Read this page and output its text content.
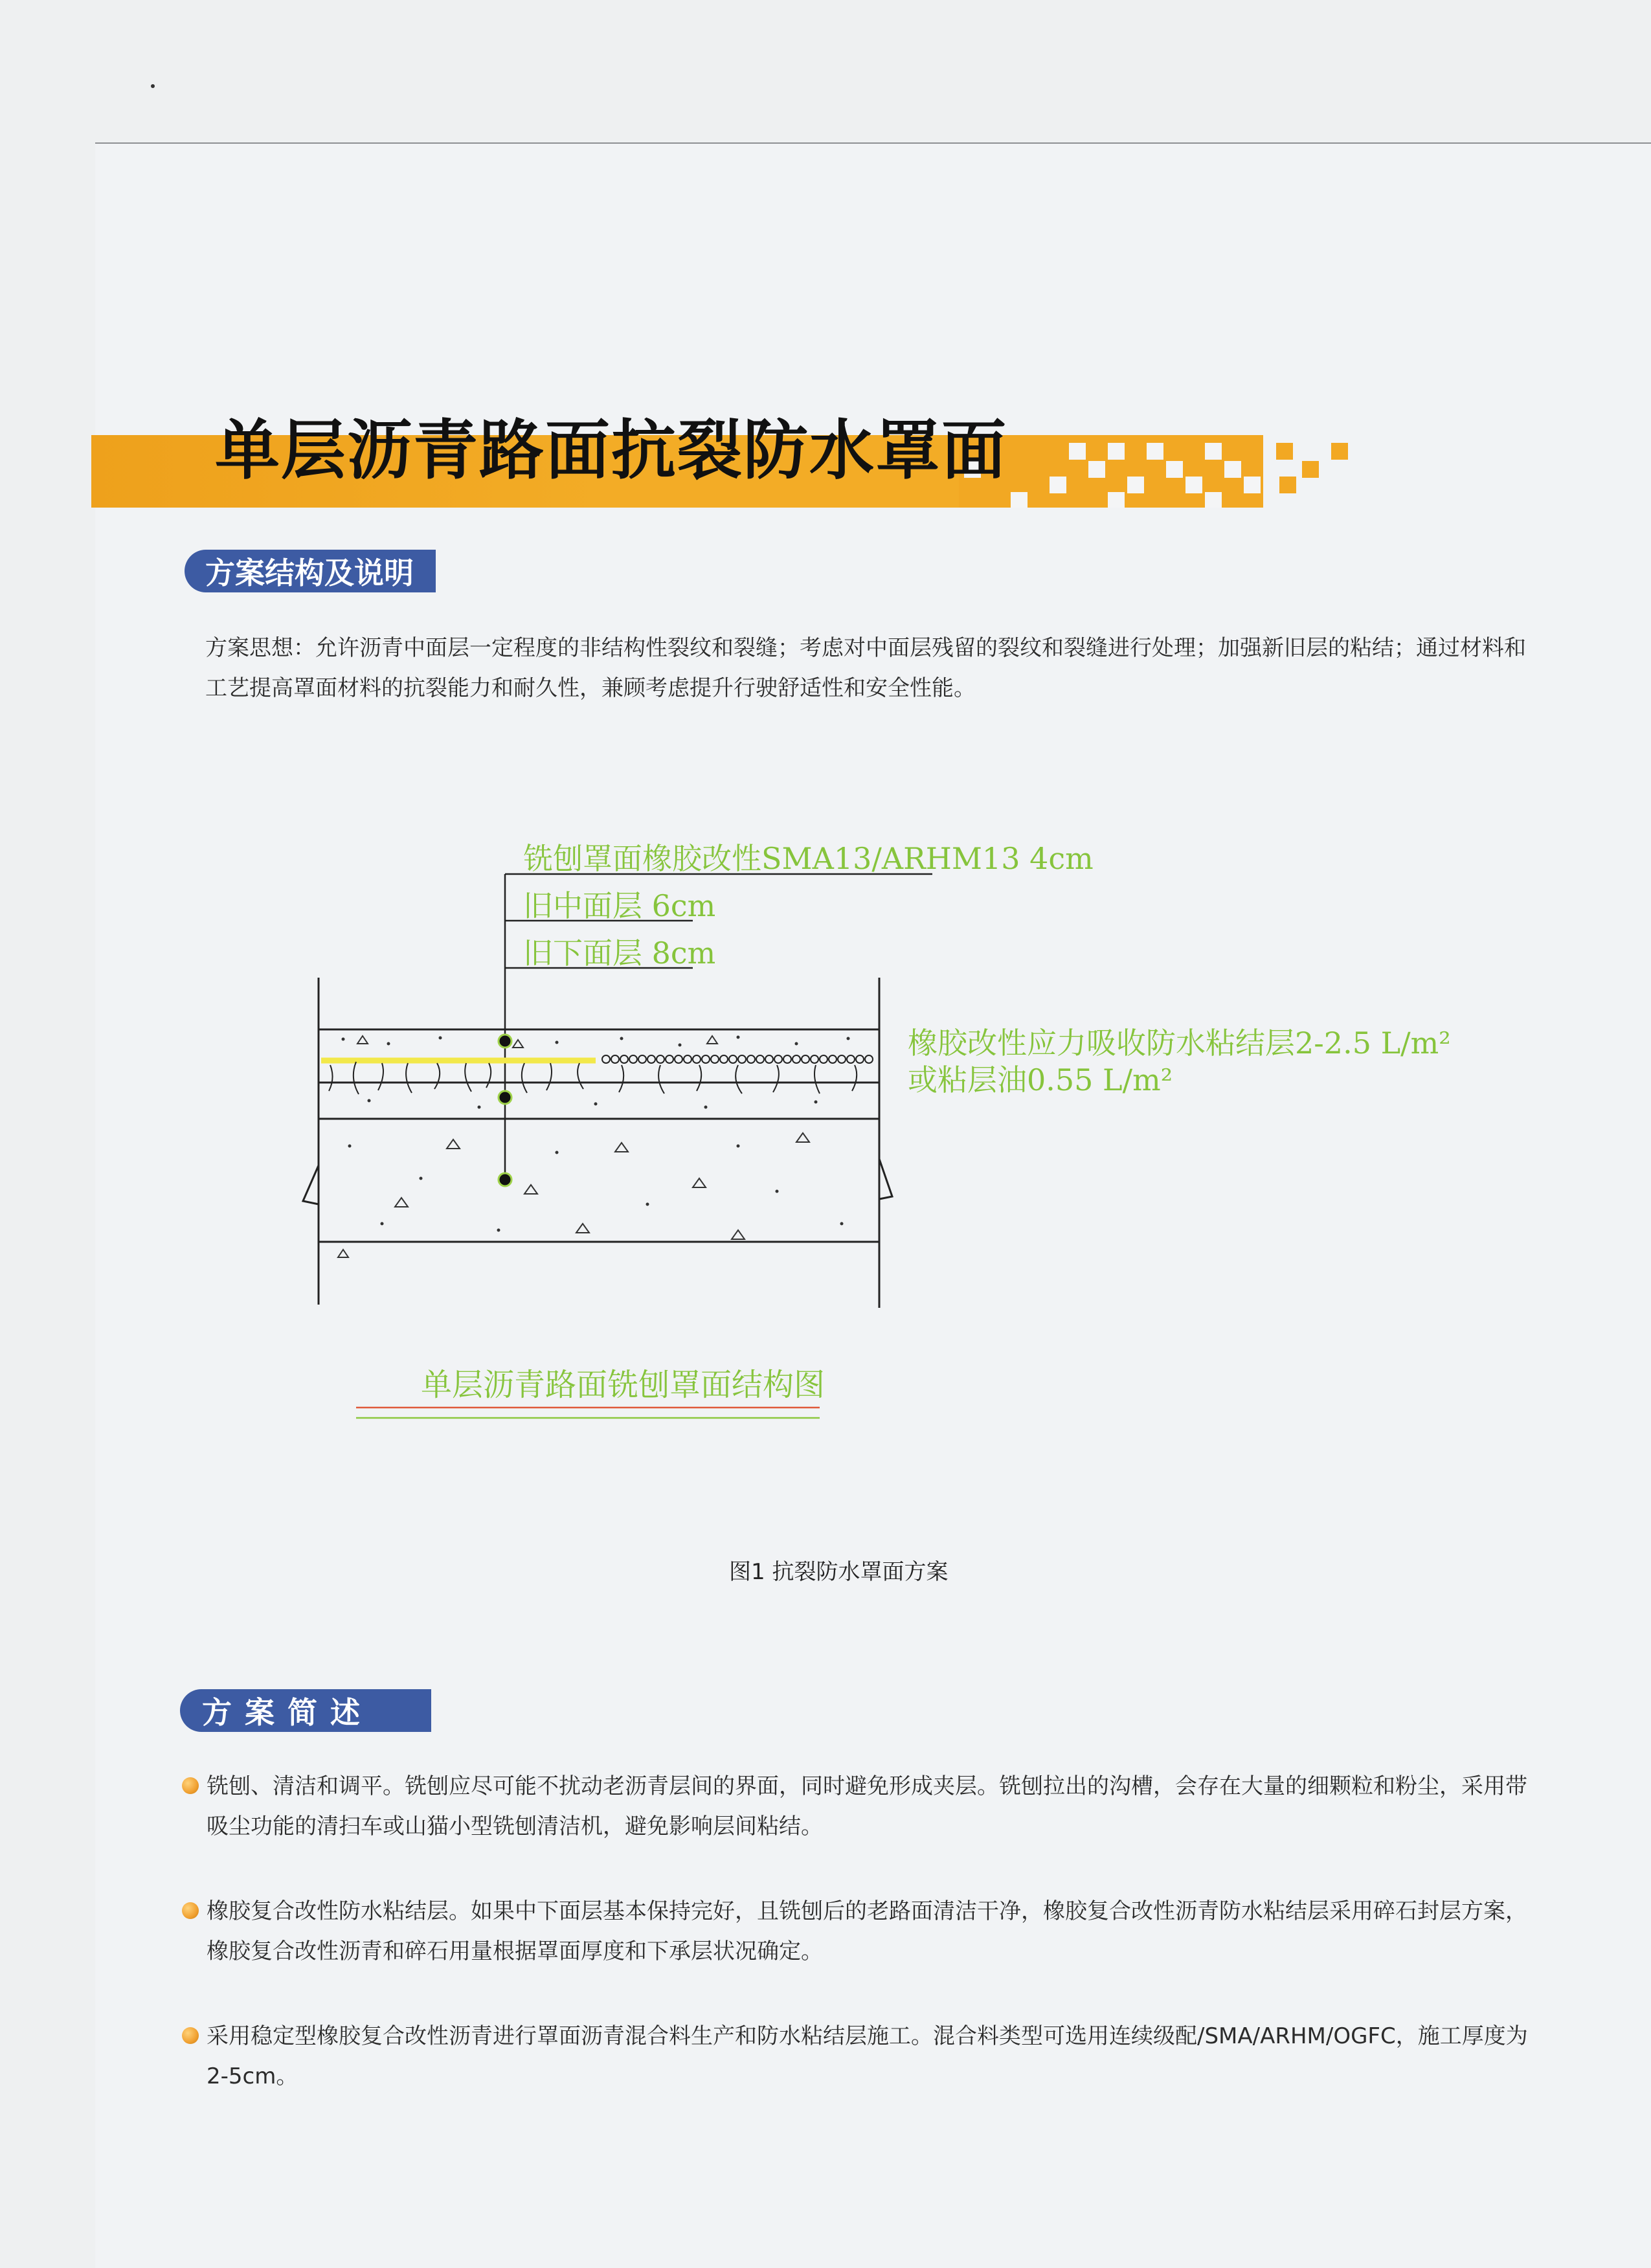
单层沥青路面抗裂防水罩面
方案结构及说明
方案思想：允许沥青中面层一定程度的非结构性裂纹和裂缝；考虑对中面层残留的裂纹和裂缝进行处理；加强新旧层的粘结；通过材料和工艺提高罩面材料的抗裂能力和耐久性，兼顾考虑提升行驶舒适性和安全性能。
铣刨罩面橡胶改性SMA13/ARHM13 4cm
旧中面层 6cm
旧下面层 8cm
橡胶改性应力吸收防水粘结层2-2.5 L/m²
或粘层油0.55 L/m²
单层沥青路面铣刨罩面结构图
图1 抗裂防水罩面方案
方案简述
铣刨、清洁和调平。铣刨应尽可能不扰动老沥青层间的界面，同时避免形成夹层。铣刨拉出的沟槽，会存在大量的细颗粒和粉尘，采用带吸尘功能的清扫车或山猫小型铣刨清洁机，避免影响层间粘结。
橡胶复合改性防水粘结层。如果中下面层基本保持完好，且铣刨后的老路面清洁干净，橡胶复合改性沥青防水粘结层采用碎石封层方案，橡胶复合改性沥青和碎石用量根据罩面厚度和下承层状况确定。
采用稳定型橡胶复合改性沥青进行罩面沥青混合料生产和防水粘结层施工。混合料类型可选用连续级配/SMA/ARHM/OGFC，施工厚度为2-5cm。
